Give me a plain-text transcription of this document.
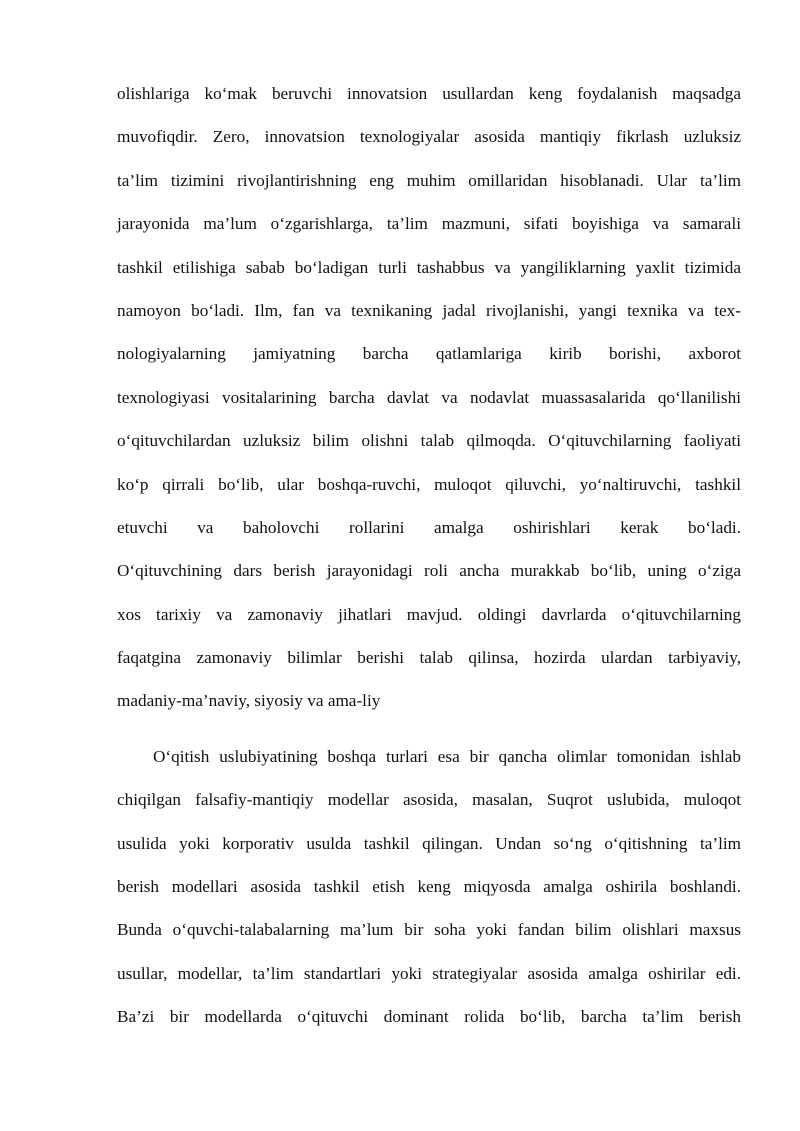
olishlariga ko‘mak beruvchi innovatsion usullardan keng foydalanish maqsadga
muvofiqdir. Zero, innovatsion texnologiyalar asosida mantiqiy fikrlash uzluksiz
ta’lim tizimini rivojlantirishning eng muhim omillaridan hisoblanadi. Ular ta’lim
jarayonida ma’lum o‘zgarishlarga, ta’lim mazmuni, sifati boyishiga va samarali
tashkil etilishiga sabab bo‘ladigan turli tashabbus va yangiliklarning yaxlit tizimida
namoyon bo‘ladi. Ilm, fan va texnikaning jadal rivojlanishi, yangi texnika va tex-
nologiyalarning jamiyatning barcha qatlamlariga kirib borishi, axborot
texnologiyasi vositalarining barcha davlat va nodavlat muassasalarida qo‘llanilishi
o‘qituvchilardan uzluksiz bilim olishni talab qilmoqda. O‘qituvchilarning faoliyati
ko‘p qirrali bo‘lib, ular boshqa-ruvchi, muloqot qiluvchi, yo‘naltiruvchi, tashkil
etuvchi va baholovchi rollarini amalga oshirishlari kerak bo‘ladi.
O‘qituvchining dars berish jarayonidagi roli ancha murakkab bo‘lib, uning o‘ziga
xos tarixiy va zamonaviy jihatlari mavjud. oldingi davrlarda o‘qituvchilarning
faqatgina zamonaviy bilimlar berishi talab qilinsa, hozirda ulardan tarbiyaviy,
madaniy-ma’naviy, siyosiy va ama-liy
O‘qitish uslubiyatining boshqa turlari esa bir qancha olimlar tomonidan ishlab
chiqilgan falsafiy-mantiqiy modellar asosida, masalan, Suqrot uslubida, muloqot
usulida yoki korporativ usulda tashkil qilingan. Undan so‘ng o‘qitishning ta’lim
berish modellari asosida tashkil etish keng miqyosda amalga oshirila boshlandi.
Bunda o‘quvchi-talabalarning ma’lum bir soha yoki fandan bilim olishlari maxsus
usullar, modellar, ta’lim standartlari yoki strategiyalar asosida amalga oshirilar edi.
Ba’zi bir modellarda o‘qituvchi dominant rolida bo‘lib, barcha ta’lim berish
